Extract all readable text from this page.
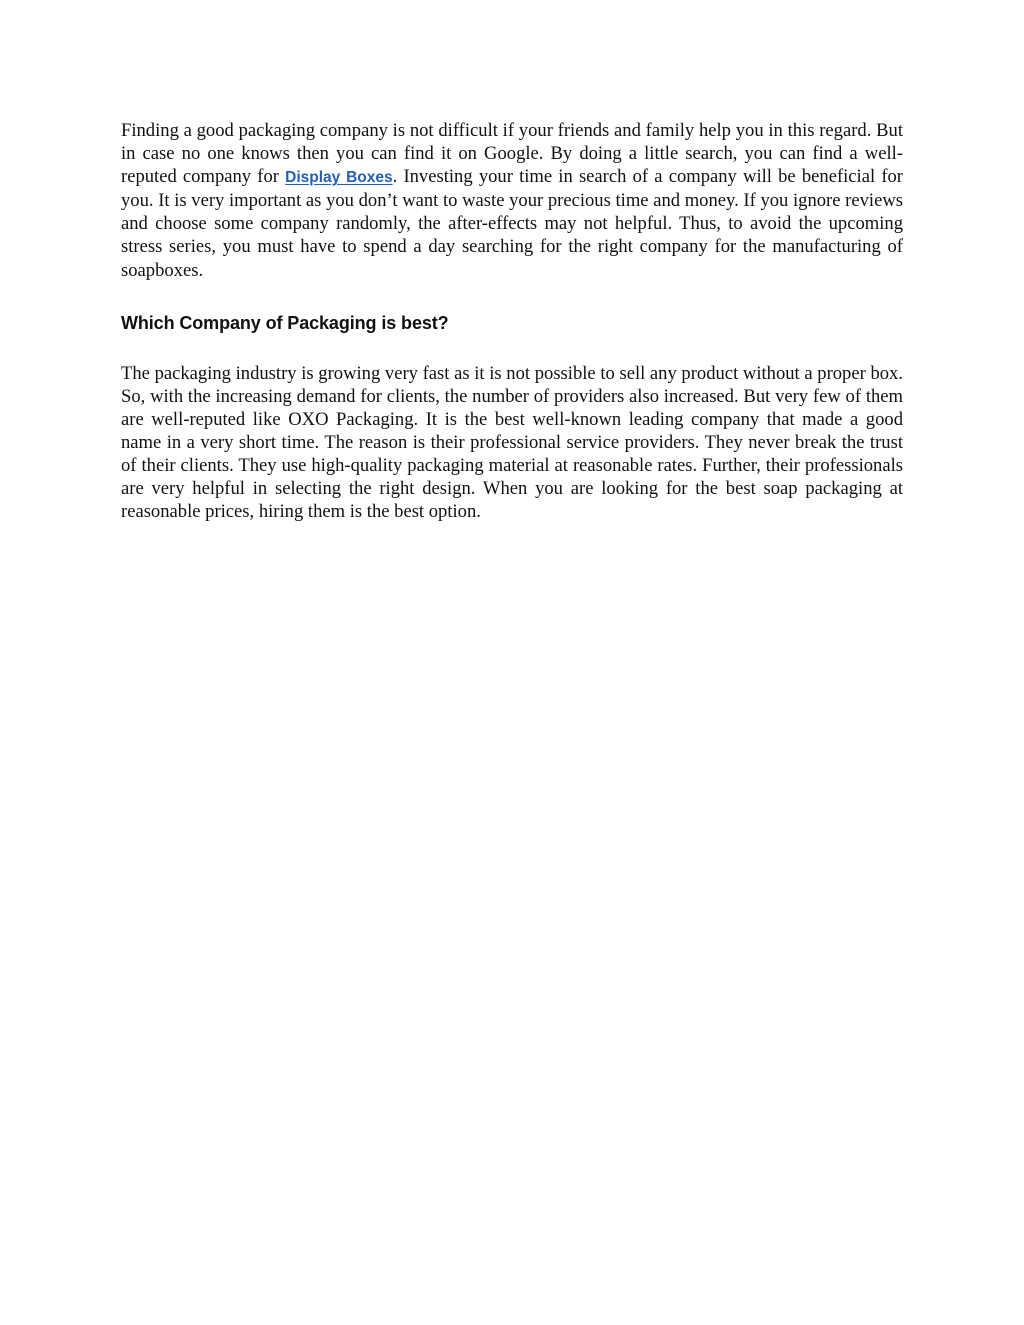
Finding a good packaging company is not difficult if your friends and family help you in this regard. But in case no one knows then you can find it on Google. By doing a little search, you can find a well-reputed company for Display Boxes. Investing your time in search of a company will be beneficial for you. It is very important as you don’t want to waste your precious time and money. If you ignore reviews and choose some company randomly, the after-effects may not helpful. Thus, to avoid the upcoming stress series, you must have to spend a day searching for the right company for the manufacturing of soapboxes.

Which Company of Packaging is best?

The packaging industry is growing very fast as it is not possible to sell any product without a proper box. So, with the increasing demand for clients, the number of providers also increased. But very few of them are well-reputed like OXO Packaging. It is the best well-known leading company that made a good name in a very short time. The reason is their professional service providers. They never break the trust of their clients. They use high-quality packaging material at reasonable rates. Further, their professionals are very helpful in selecting the right design. When you are looking for the best soap packaging at reasonable prices, hiring them is the best option.
